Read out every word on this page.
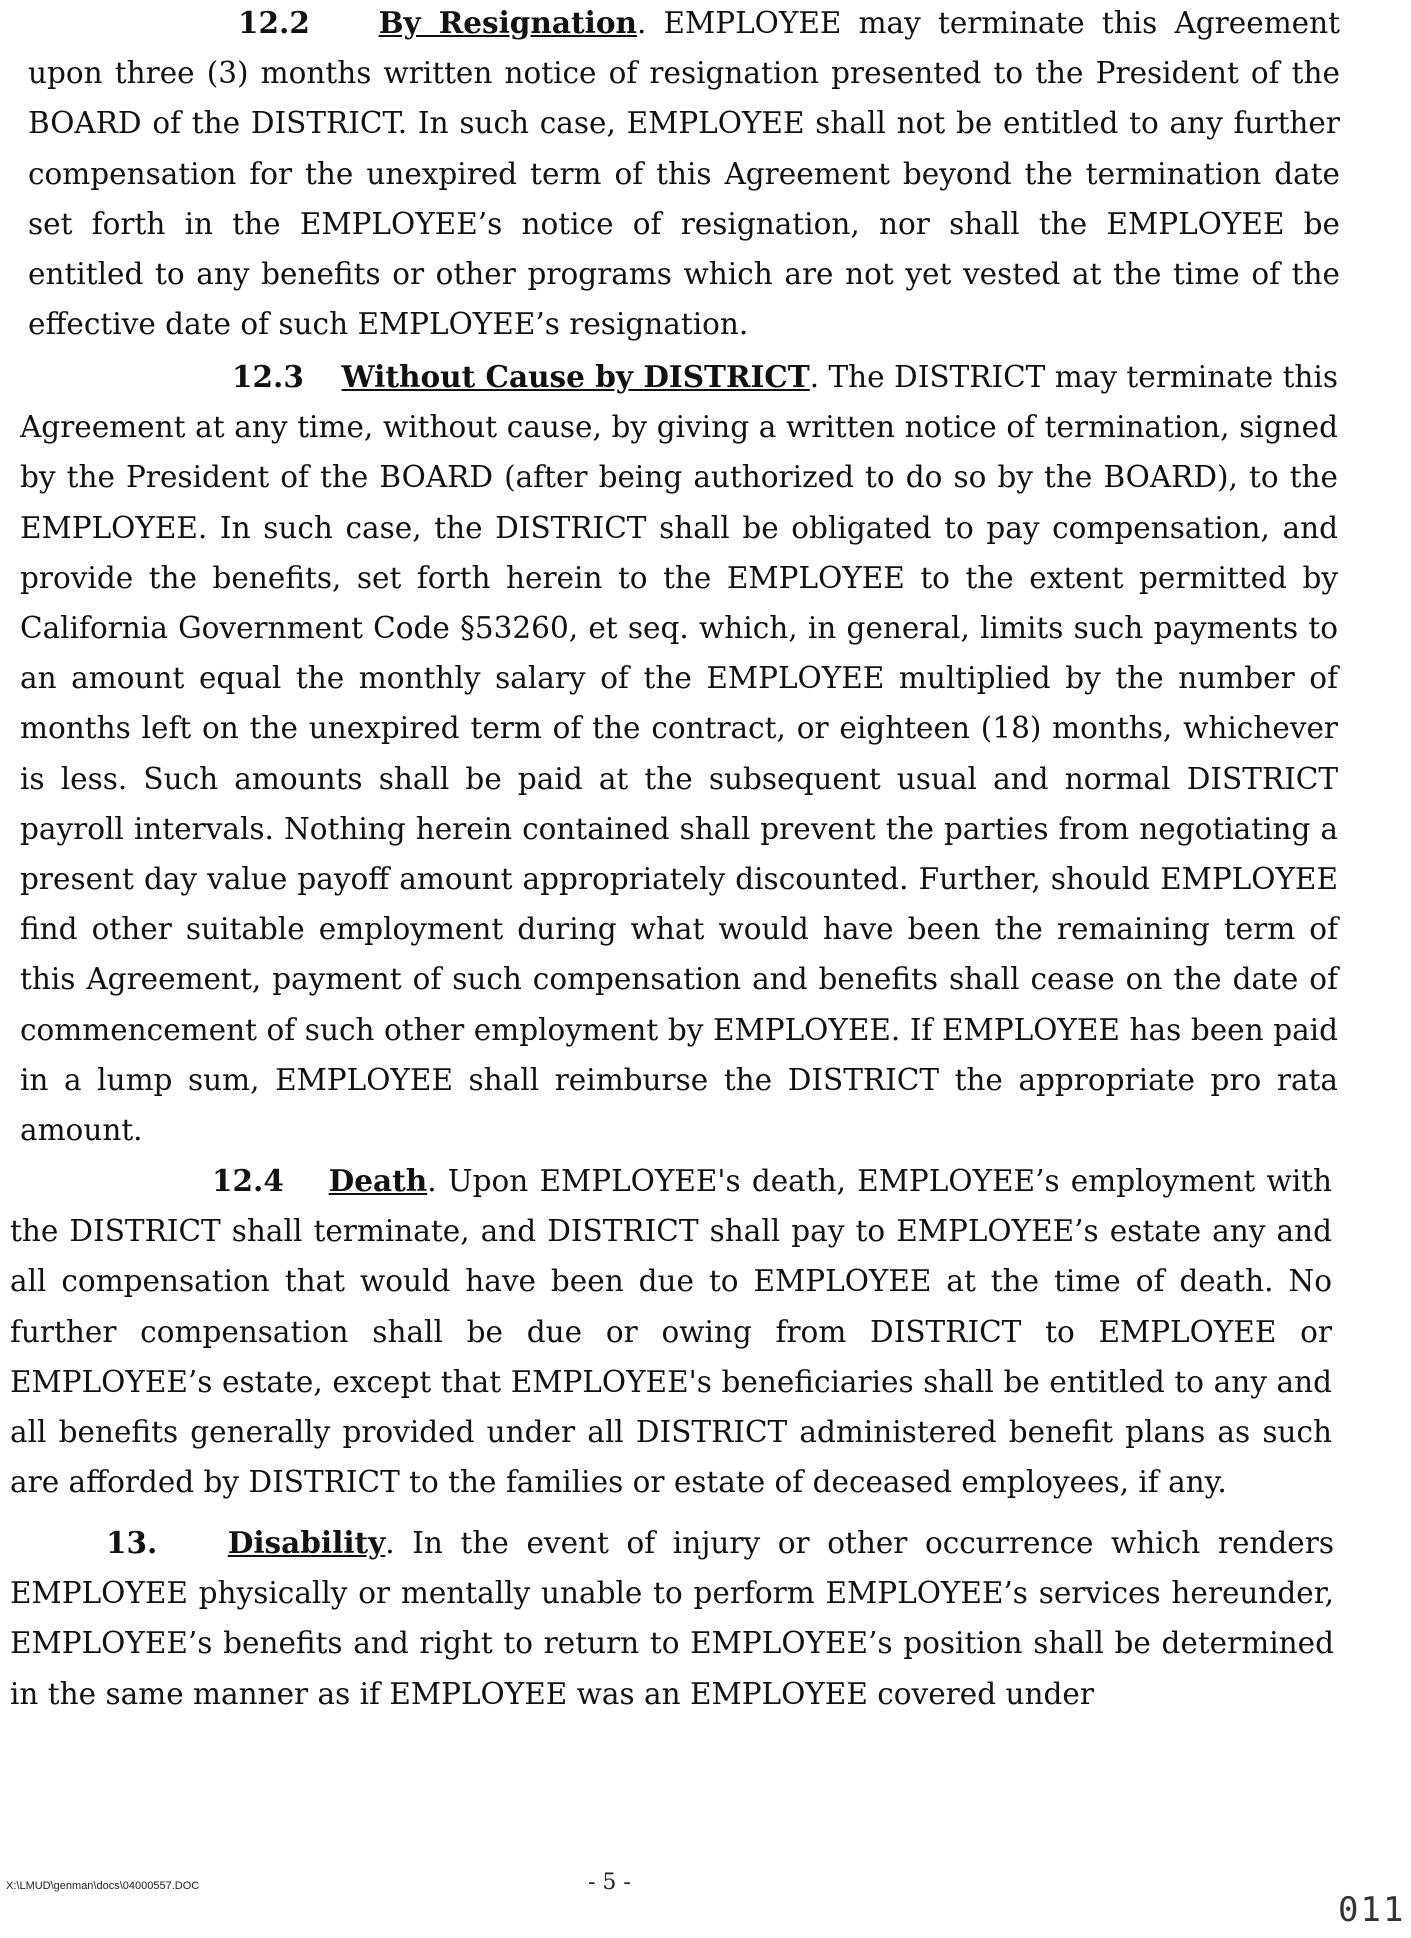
12.2 By Resignation. EMPLOYEE may terminate this Agreement upon three (3) months written notice of resignation presented to the President of the BOARD of the DISTRICT. In such case, EMPLOYEE shall not be entitled to any further compensation for the unexpired term of this Agreement beyond the termination date set forth in the EMPLOYEE’s notice of resignation, nor shall the EMPLOYEE be entitled to any benefits or other programs which are not yet vested at the time of the effective date of such EMPLOYEE’s resignation.

12.3 Without Cause by DISTRICT. The DISTRICT may terminate this Agreement at any time, without cause, by giving a written notice of termination, signed by the President of the BOARD (after being authorized to do so by the BOARD), to the EMPLOYEE. In such case, the DISTRICT shall be obligated to pay compensation, and provide the benefits, set forth herein to the EMPLOYEE to the extent permitted by California Government Code §53260, et seq. which, in general, limits such payments to an amount equal the monthly salary of the EMPLOYEE multiplied by the number of months left on the unexpired term of the contract, or eighteen (18) months, whichever is less. Such amounts shall be paid at the subsequent usual and normal DISTRICT payroll intervals. Nothing herein contained shall prevent the parties from negotiating a present day value payoff amount appropriately discounted. Further, should EMPLOYEE find other suitable employment during what would have been the remaining term of this Agreement, payment of such compensation and benefits shall cease on the date of commencement of such other employment by EMPLOYEE. If EMPLOYEE has been paid in a lump sum, EMPLOYEE shall reimburse the DISTRICT the appropriate pro rata amount.

12.4 Death. Upon EMPLOYEE's death, EMPLOYEE’s employment with the DISTRICT shall terminate, and DISTRICT shall pay to EMPLOYEE’s estate any and all compensation that would have been due to EMPLOYEE at the time of death. No further compensation shall be due or owing from DISTRICT to EMPLOYEE or EMPLOYEE’s estate, except that EMPLOYEE's beneficiaries shall be entitled to any and all benefits generally provided under all DISTRICT administered benefit plans as such are afforded by DISTRICT to the families or estate of deceased employees, if any.

13. Disability. In the event of injury or other occurrence which renders EMPLOYEE physically or mentally unable to perform EMPLOYEE’s services hereunder, EMPLOYEE’s benefits and right to return to EMPLOYEE’s position shall be determined in the same manner as if EMPLOYEE was an EMPLOYEE covered under

X:\LMUD\genman\docs\04000557.DOC	- 5 -
011
